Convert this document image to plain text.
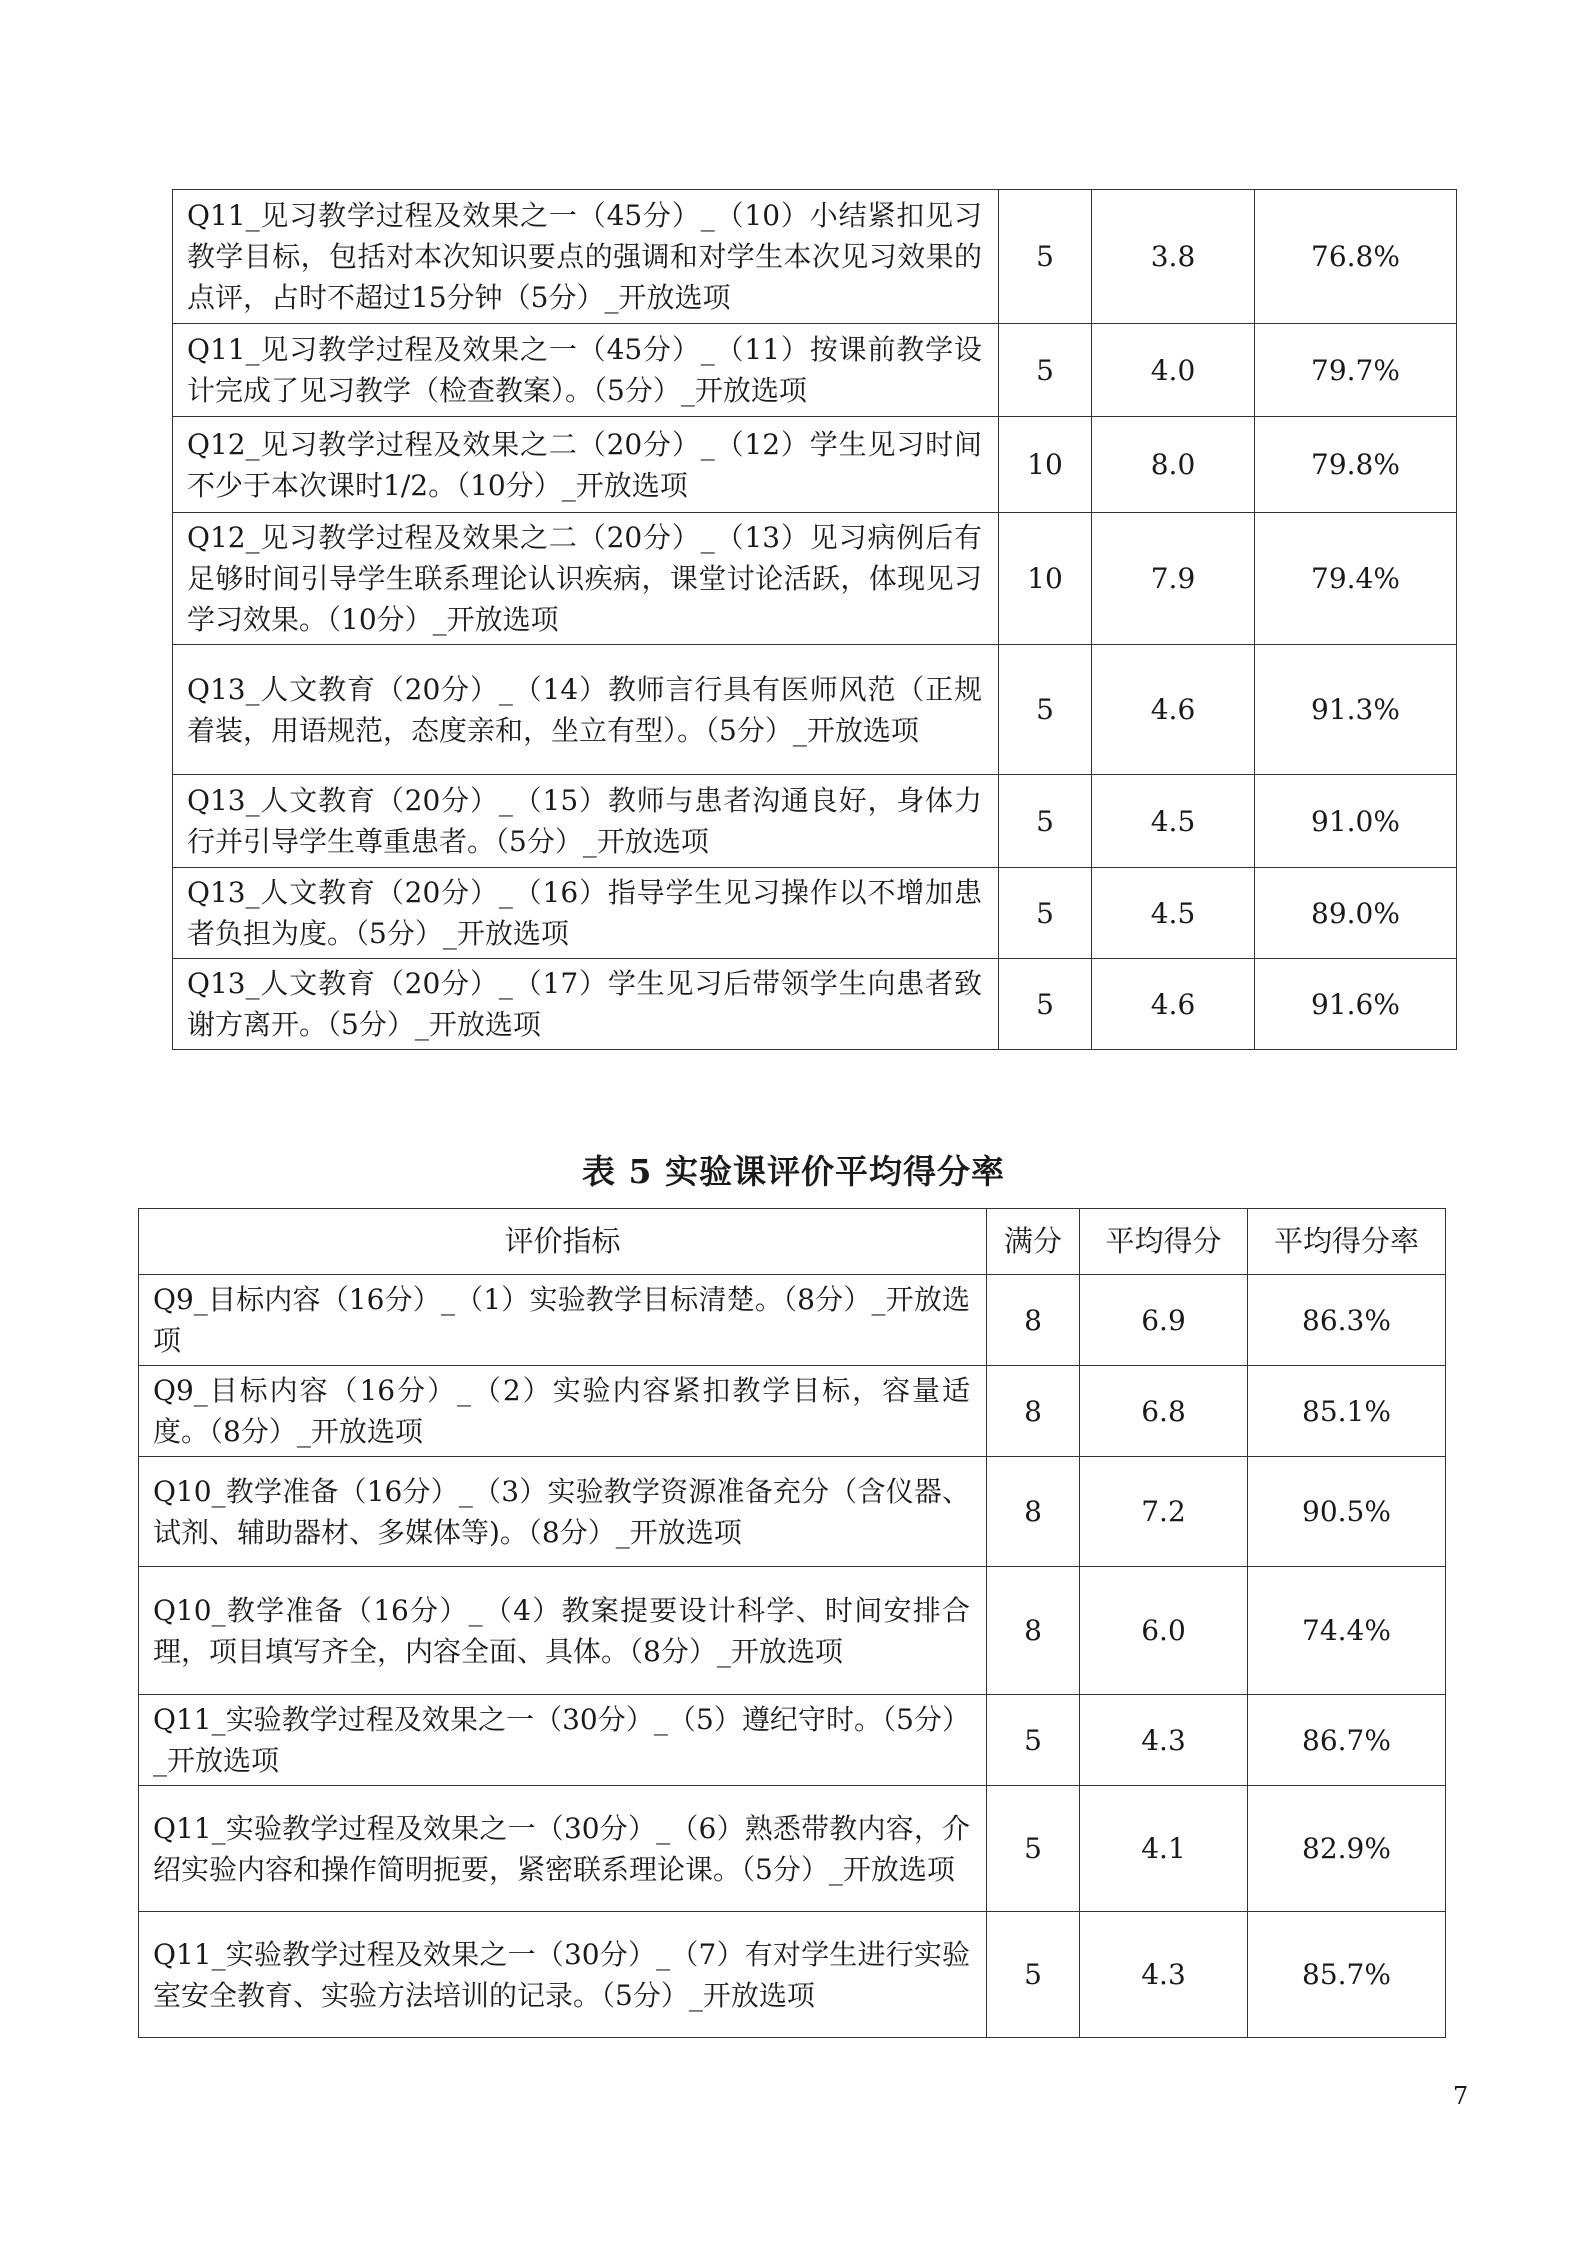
Q11_见习教学过程及效果之一（45分）_（10）小结紧扣见习教学目标，包括对本次知识要点的强调和对学生本次见习效果的点评，占时不超过15分钟（5分）_开放选项	5	3.8	76.8%
Q11_见习教学过程及效果之一（45分）_（11）按课前教学设计完成了见习教学（检查教案）。（5分）_开放选项	5	4.0	79.7%
Q12_见习教学过程及效果之二（20分）_（12）学生见习时间不少于本次课时1/2。（10分）_开放选项	10	8.0	79.8%
Q12_见习教学过程及效果之二（20分）_（13）见习病例后有足够时间引导学生联系理论认识疾病，课堂讨论活跃，体现见习学习效果。（10分）_开放选项	10	7.9	79.4%
Q13_人文教育（20分）_（14）教师言行具有医师风范（正规着装，用语规范，态度亲和，坐立有型）。（5分）_开放选项	5	4.6	91.3%
Q13_人文教育（20分）_（15）教师与患者沟通良好，身体力行并引导学生尊重患者。（5分）_开放选项	5	4.5	91.0%
Q13_人文教育（20分）_（16）指导学生见习操作以不增加患者负担为度。（5分）_开放选项	5	4.5	89.0%
Q13_人文教育（20分）_（17）学生见习后带领学生向患者致谢方离开。（5分）_开放选项	5	4.6	91.6%
表 5 实验课评价平均得分率
评价指标	满分	平均得分	平均得分率
Q9_目标内容（16分）_（1）实验教学目标清楚。（8分）_开放选项	8	6.9	86.3%
Q9_目标内容（16分）_（2）实验内容紧扣教学目标，容量适度。（8分）_开放选项	8	6.8	85.1%
Q10_教学准备（16分）_（3）实验教学资源准备充分（含仪器、试剂、辅助器材、多媒体等)。（8分）_开放选项	8	7.2	90.5%
Q10_教学准备（16分）_（4）教案提要设计科学、时间安排合理，项目填写齐全，内容全面、具体。（8分）_开放选项	8	6.0	74.4%
Q11_实验教学过程及效果之一（30分）_（5）遵纪守时。（5分）_开放选项	5	4.3	86.7%
Q11_实验教学过程及效果之一（30分）_（6）熟悉带教内容，介绍实验内容和操作简明扼要，紧密联系理论课。（5分）_开放选项	5	4.1	82.9%
Q11_实验教学过程及效果之一（30分）_（7）有对学生进行实验室安全教育、实验方法培训的记录。（5分）_开放选项	5	4.3	85.7%
7
